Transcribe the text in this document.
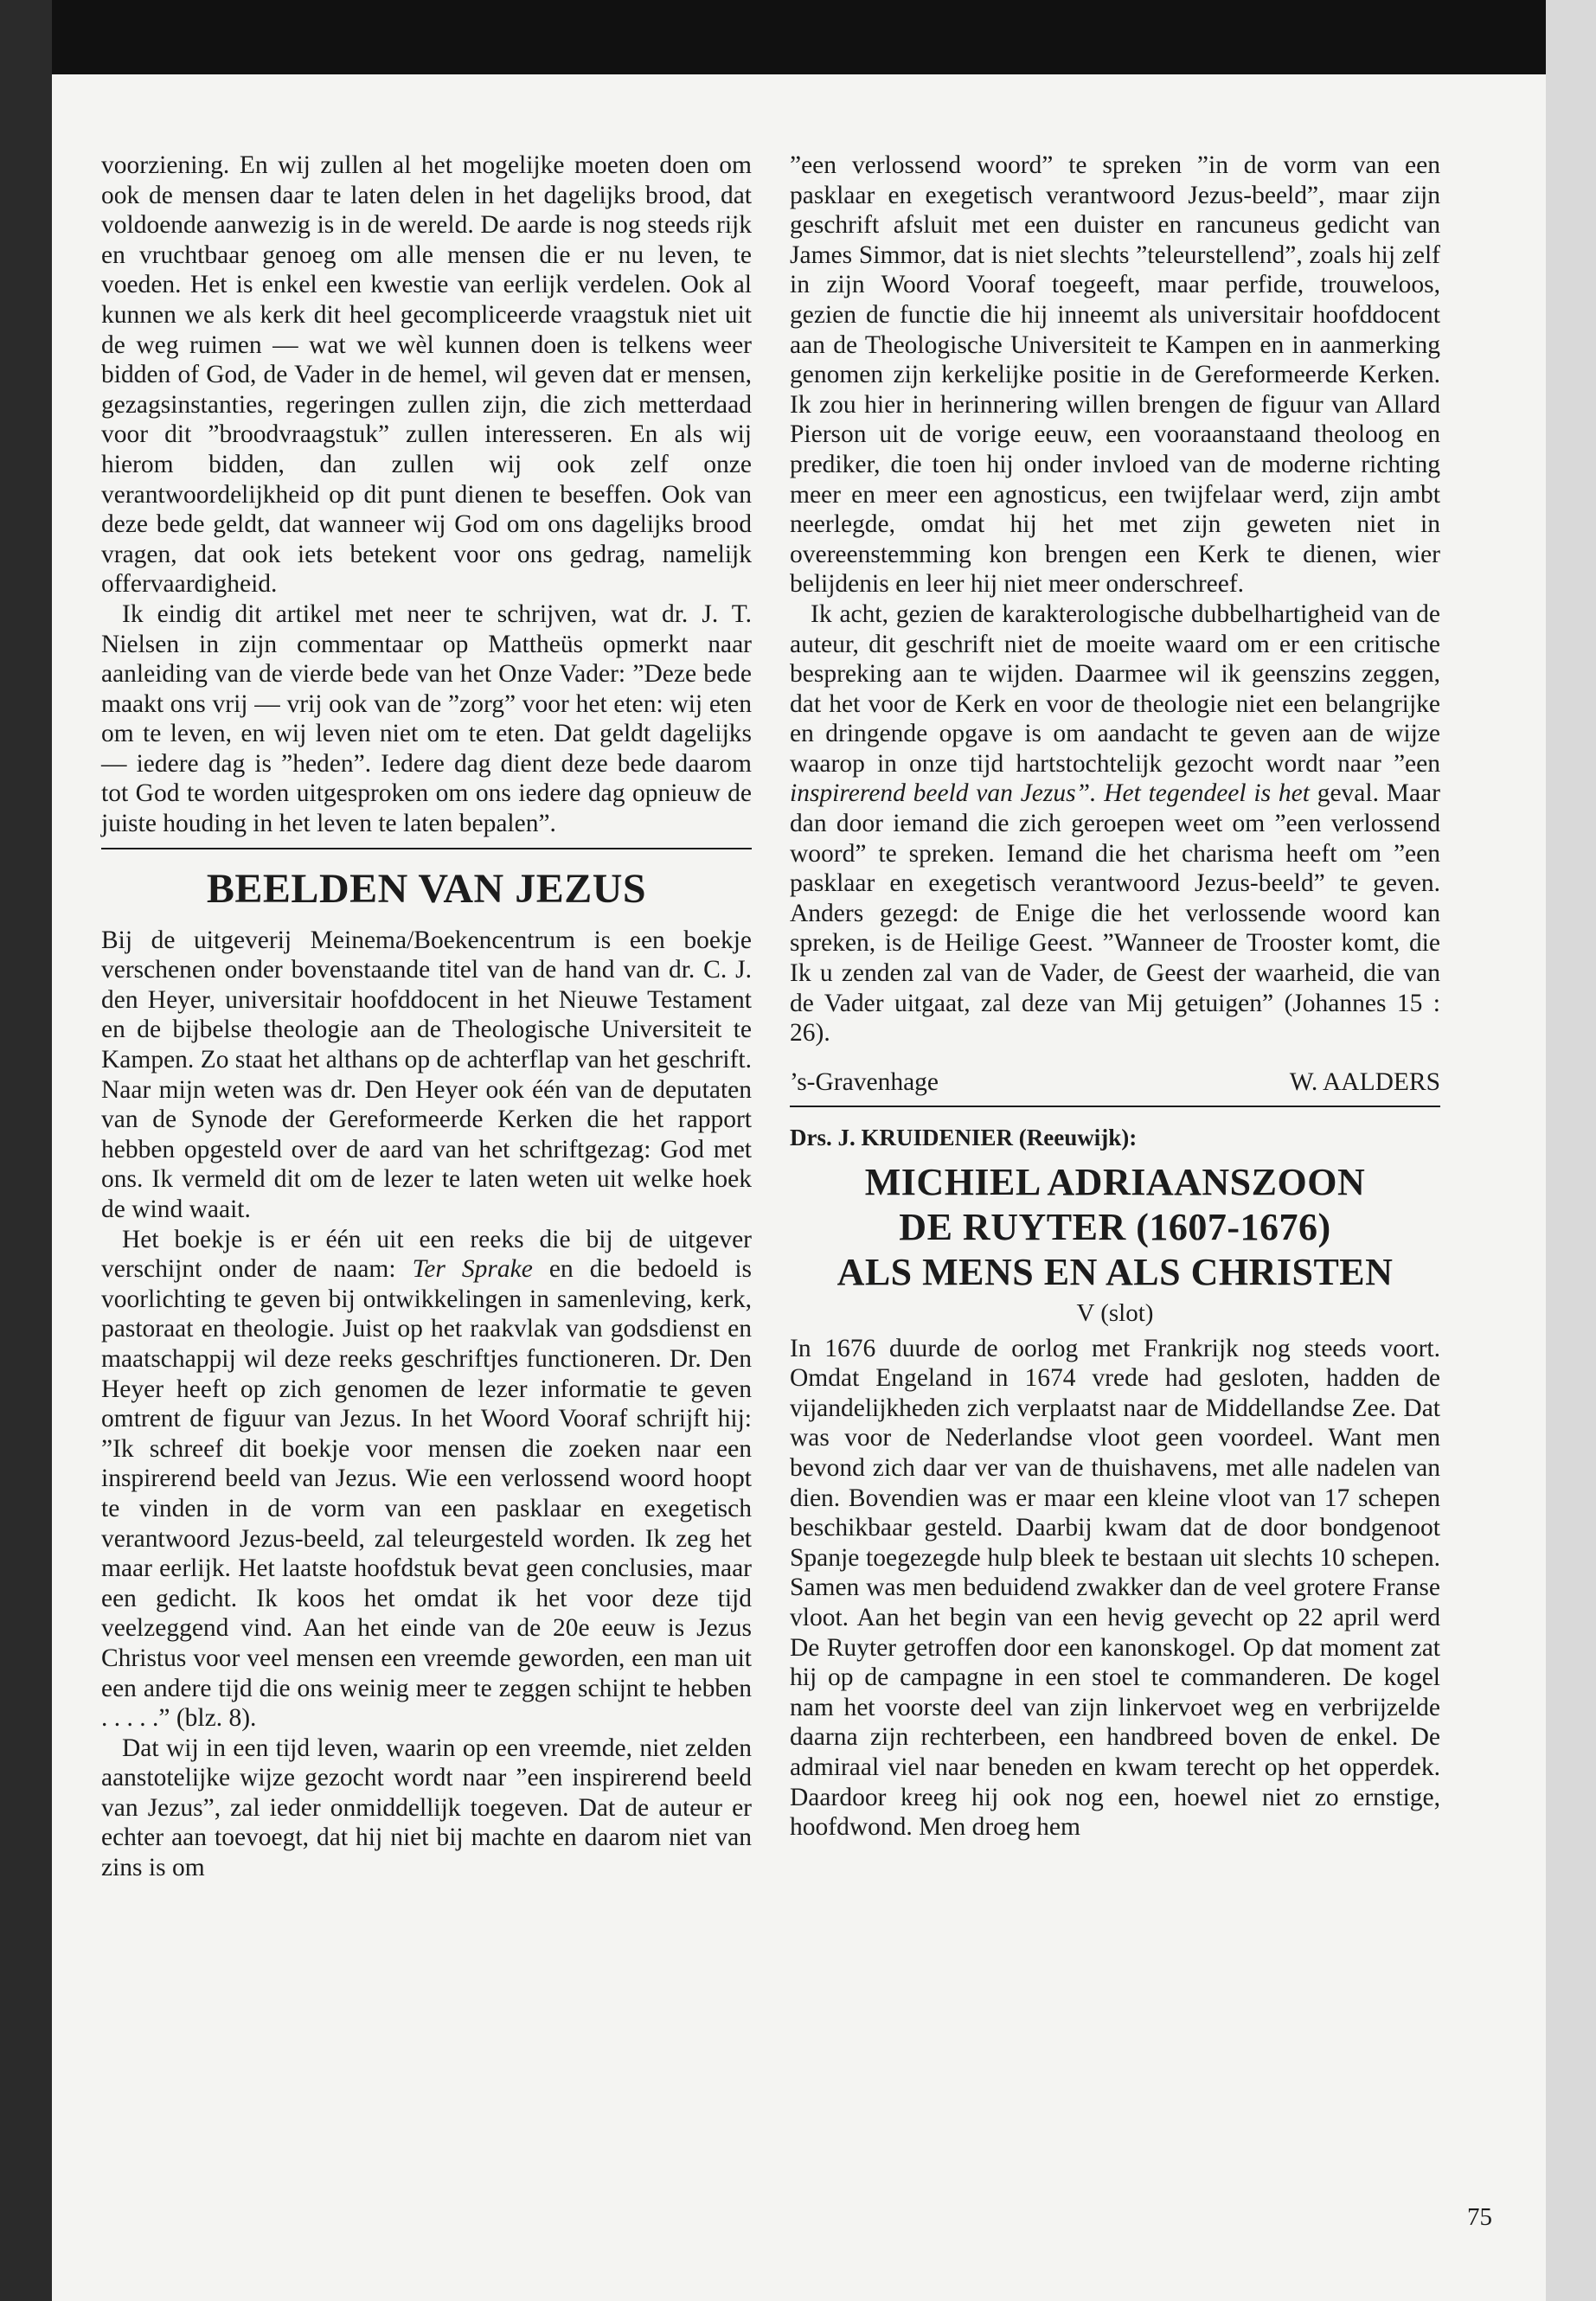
voorziening. En wij zullen al het mogelijke moeten doen om ook de mensen daar te laten delen in het dagelijks brood, dat voldoende aanwezig is in de wereld. De aarde is nog steeds rijk en vruchtbaar genoeg om alle mensen die er nu leven, te voeden. Het is enkel een kwestie van eerlijk verdelen. Ook al kunnen we als kerk dit heel gecompliceerde vraagstuk niet uit de weg ruimen — wat we wèl kunnen doen is telkens weer bidden of God, de Vader in de hemel, wil geven dat er mensen, gezagsinstanties, regeringen zullen zijn, die zich metterdaad voor dit ”broodvraagstuk” zullen interesseren. En als wij hierom bidden, dan zullen wij ook zelf onze verantwoordelijkheid op dit punt dienen te beseffen. Ook van deze bede geldt, dat wanneer wij God om ons dagelijks brood vragen, dat ook iets betekent voor ons gedrag, namelijk offervaardigheid.

Ik eindig dit artikel met neer te schrijven, wat dr. J. T. Nielsen in zijn commentaar op Mattheüs opmerkt naar aanleiding van de vierde bede van het Onze Vader: ”Deze bede maakt ons vrij — vrij ook van de ”zorg” voor het eten: wij eten om te leven, en wij leven niet om te eten. Dat geldt dagelijks — iedere dag is ”heden”. Iedere dag dient deze bede daarom tot God te worden uitgesproken om ons iedere dag opnieuw de juiste houding in het leven te laten bepalen”.

BEELDEN VAN JEZUS

Bij de uitgeverij Meinema/Boekencentrum is een boekje verschenen onder bovenstaande titel van de hand van dr. C. J. den Heyer, universitair hoofddocent in het Nieuwe Testament en de bijbelse theologie aan de Theologische Universiteit te Kampen. Zo staat het althans op de achterflap van het geschrift. Naar mijn weten was dr. Den Heyer ook één van de deputaten van de Synode der Gereformeerde Kerken die het rapport hebben opgesteld over de aard van het schriftgezag: God met ons. Ik vermeld dit om de lezer te laten weten uit welke hoek de wind waait.

Het boekje is er één uit een reeks die bij de uitgever verschijnt onder de naam: Ter Sprake en die bedoeld is voorlichting te geven bij ontwikkelingen in samenleving, kerk, pastoraat en theologie. Juist op het raakvlak van godsdienst en maatschappij wil deze reeks geschriftjes functioneren. Dr. Den Heyer heeft op zich genomen de lezer informatie te geven omtrent de figuur van Jezus. In het Woord Vooraf schrijft hij: ”Ik schreef dit boekje voor mensen die zoeken naar een inspirerend beeld van Jezus. Wie een verlossend woord hoopt te vinden in de vorm van een pasklaar en exegetisch verantwoord Jezus-beeld, zal teleurgesteld worden. Ik zeg het maar eerlijk. Het laatste hoofdstuk bevat geen conclusies, maar een gedicht. Ik koos het omdat ik het voor deze tijd veelzeggend vind. Aan het einde van de 20e eeuw is Jezus Christus voor veel mensen een vreemde geworden, een man uit een andere tijd die ons weinig meer te zeggen schijnt te hebben . . . . .” (blz. 8).

Dat wij in een tijd leven, waarin op een vreemde, niet zelden aanstotelijke wijze gezocht wordt naar ”een inspirerend beeld van Jezus”, zal ieder onmiddellijk toegeven. Dat de auteur er echter aan toevoegt, dat hij niet bij machte en daarom niet van zins is om

”een verlossend woord” te spreken ”in de vorm van een pasklaar en exegetisch verantwoord Jezus-beeld”, maar zijn geschrift afsluit met een duister en rancuneus gedicht van James Simmor, dat is niet slechts ”teleurstellend”, zoals hij zelf in zijn Woord Vooraf toegeeft, maar perfide, trouweloos, gezien de functie die hij inneemt als universitair hoofddocent aan de Theologische Universiteit te Kampen en in aanmerking genomen zijn kerkelijke positie in de Gereformeerde Kerken. Ik zou hier in herinnering willen brengen de figuur van Allard Pierson uit de vorige eeuw, een vooraanstaand theoloog en prediker, die toen hij onder invloed van de moderne richting meer en meer een agnosticus, een twijfelaar werd, zijn ambt neerlegde, omdat hij het met zijn geweten niet in overeenstemming kon brengen een Kerk te dienen, wier belijdenis en leer hij niet meer onderschreef.

Ik acht, gezien de karakterologische dubbelhartigheid van de auteur, dit geschrift niet de moeite waard om er een critische bespreking aan te wijden. Daarmee wil ik geenszins zeggen, dat het voor de Kerk en voor de theologie niet een belangrijke en dringende opgave is om aandacht te geven aan de wijze waarop in onze tijd hartstochtelijk gezocht wordt naar ”een inspirerend beeld van Jezus”. Het tegendeel is het geval. Maar dan door iemand die zich geroepen weet om ”een verlossend woord” te spreken. Iemand die het charisma heeft om ”een pasklaar en exegetisch verantwoord Jezus-beeld” te geven. Anders gezegd: de Enige die het verlossende woord kan spreken, is de Heilige Geest. ”Wanneer de Trooster komt, die Ik u zenden zal van de Vader, de Geest der waarheid, die van de Vader uitgaat, zal deze van Mij getuigen” (Johannes 15 : 26).

’s-Gravenhage	W. AALDERS
Drs. J. KRUIDENIER (Reeuwijk):
MICHIEL ADRIAANSZOON
DE RUYTER (1607-1676)
ALS MENS EN ALS CHRISTEN
V (slot)

In 1676 duurde de oorlog met Frankrijk nog steeds voort. Omdat Engeland in 1674 vrede had gesloten, hadden de vijandelijkheden zich verplaatst naar de Middellandse Zee. Dat was voor de Nederlandse vloot geen voordeel. Want men bevond zich daar ver van de thuishavens, met alle nadelen van dien. Bovendien was er maar een kleine vloot van 17 schepen beschikbaar gesteld. Daarbij kwam dat de door bondgenoot Spanje toegezegde hulp bleek te bestaan uit slechts 10 schepen. Samen was men beduidend zwakker dan de veel grotere Franse vloot. Aan het begin van een hevig gevecht op 22 april werd De Ruyter getroffen door een kanonskogel. Op dat moment zat hij op de campagne in een stoel te commanderen. De kogel nam het voorste deel van zijn linkervoet weg en verbrijzelde daarna zijn rechterbeen, een handbreed boven de enkel. De admiraal viel naar beneden en kwam terecht op het opperdek. Daardoor kreeg hij ook nog een, hoewel niet zo ernstige, hoofdwond. Men droeg hem

75
